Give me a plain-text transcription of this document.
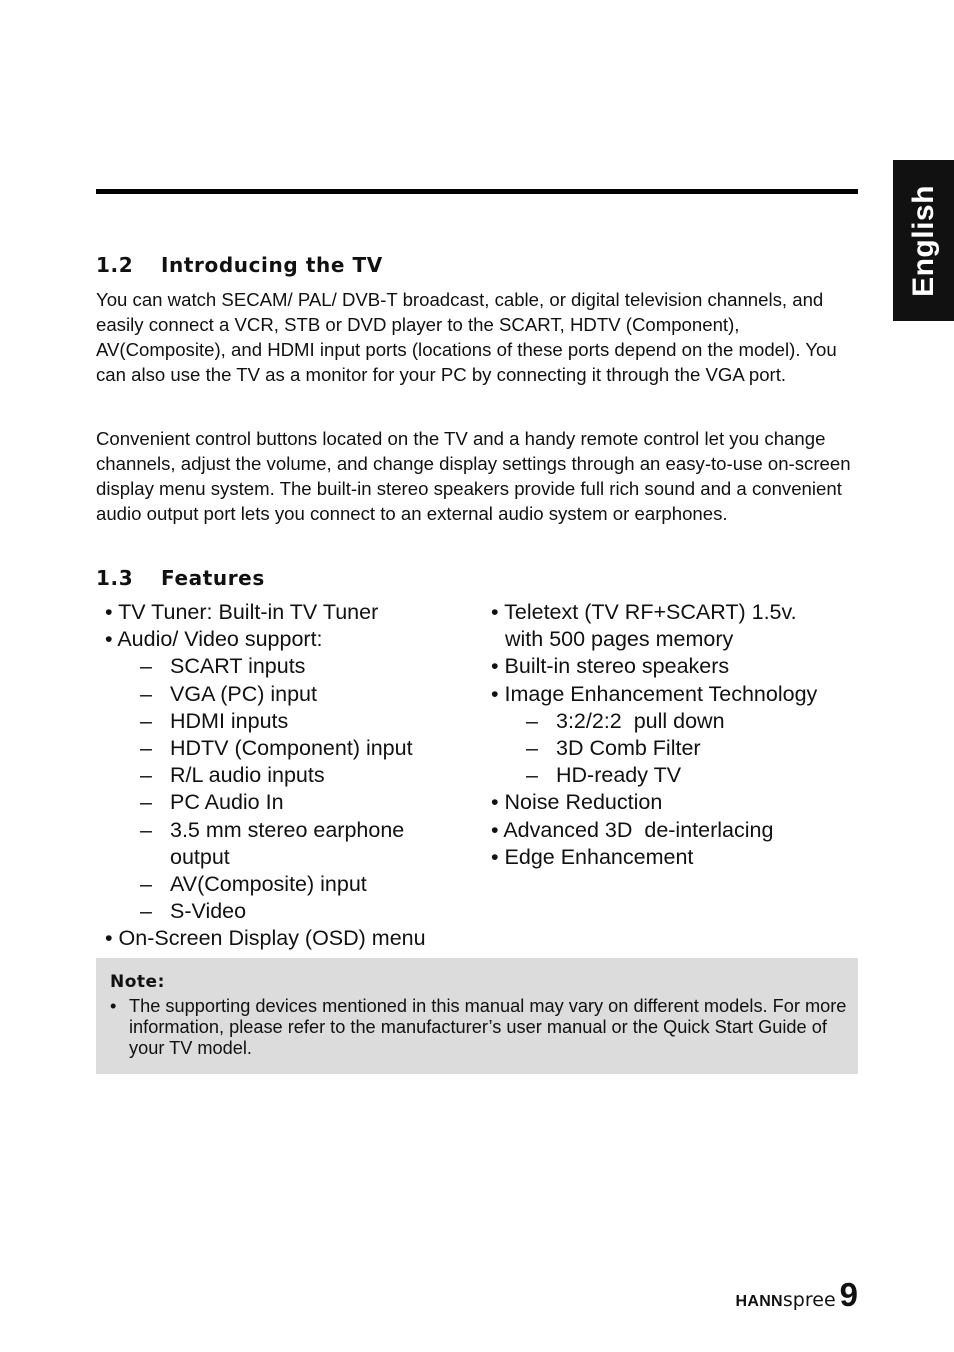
English
1.2 Introducing the TV

You can watch SECAM/ PAL/ DVB-T broadcast, cable, or digital television channels, and easily connect a VCR, STB or DVD player to the SCART, HDTV (Component), AV(Composite), and HDMI input ports (locations of these ports depend on the model). You can also use the TV as a monitor for your PC by connecting it through the VGA port.

Convenient control buttons located on the TV and a handy remote control let you change channels, adjust the volume, and change display settings through an easy-to-use on-screen display menu system. The built-in stereo speakers provide full rich sound and a convenient audio output port lets you connect to an external audio system or earphones.

1.3 Features
• TV Tuner: Built-in TV Tuner
• Audio/ Video support:
– SCART inputs
– VGA (PC) input
– HDMI inputs
– HDTV (Component) input
– R/L audio inputs
– PC Audio In
– 3.5 mm stereo earphone
output
– AV(Composite) input
– S-Video
• On-Screen Display (OSD) menu
• Teletext (TV RF+SCART) 1.5v.
with 500 pages memory
• Built-in stereo speakers
• Image Enhancement Technology
– 3:2/2:2  pull down
– 3D Comb Filter
– HD-ready TV
• Noise Reduction
• Advanced 3D  de-interlacing
• Edge Enhancement
Note:
• The supporting devices mentioned in this manual may vary on different models. For more information, please refer to the manufacturer’s user manual or the Quick Start Guide of your TV model.
HANNspree 9
